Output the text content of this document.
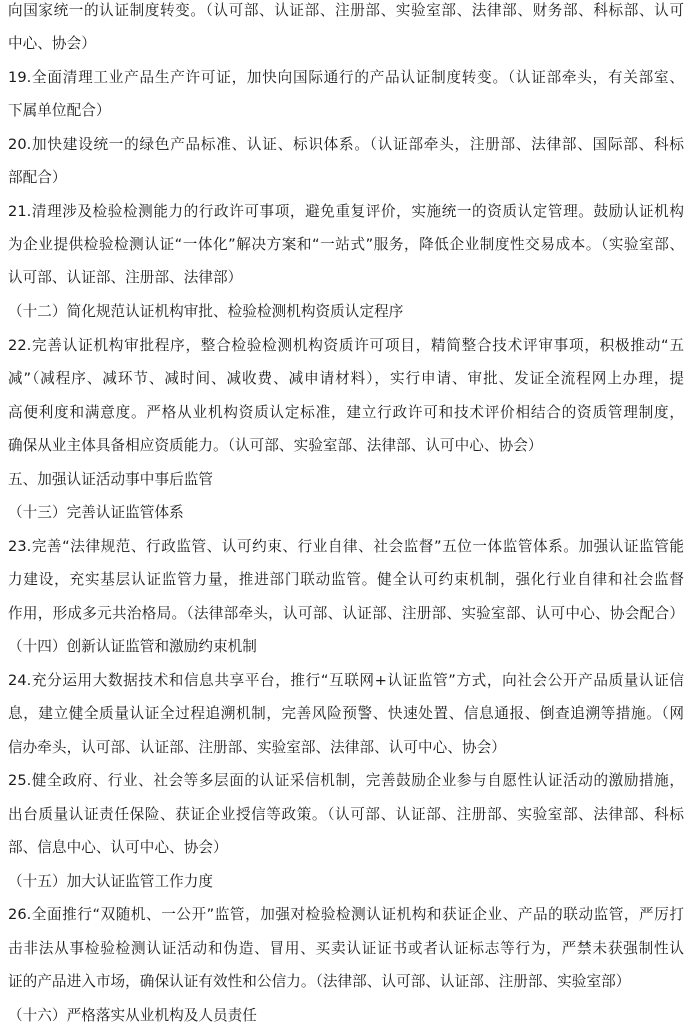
向国家统一的认证制度转变。（认可部、认证部、注册部、实验室部、法律部、财务部、科标部、认可
中心、协会）
19.全面清理工业产品生产许可证，加快向国际通行的产品认证制度转变。（认证部牵头，有关部室、
下属单位配合）
20.加快建设统一的绿色产品标准、认证、标识体系。（认证部牵头，注册部、法律部、国际部、科标
部配合）
21.清理涉及检验检测能力的行政许可事项，避免重复评价，实施统一的资质认定管理。鼓励认证机构
为企业提供检验检测认证“一体化”解决方案和“一站式”服务，降低企业制度性交易成本。（实验室部、
认可部、认证部、注册部、法律部）
（十二）简化规范认证机构审批、检验检测机构资质认定程序
22.完善认证机构审批程序，整合检验检测机构资质许可项目，精简整合技术评审事项，积极推动“五
减”（减程序、减环节、减时间、减收费、减申请材料），实行申请、审批、发证全流程网上办理，提
高便利度和满意度。严格从业机构资质认定标准，建立行政许可和技术评价相结合的资质管理制度，
确保从业主体具备相应资质能力。（认可部、实验室部、法律部、认可中心、协会）
五、加强认证活动事中事后监管
（十三）完善认证监管体系
23.完善“法律规范、行政监管、认可约束、行业自律、社会监督”五位一体监管体系。加强认证监管能
力建设，充实基层认证监管力量，推进部门联动监管。健全认可约束机制，强化行业自律和社会监督
作用，形成多元共治格局。（法律部牵头，认可部、认证部、注册部、实验室部、认可中心、协会配合）
（十四）创新认证监管和激励约束机制
24.充分运用大数据技术和信息共享平台，推行“互联网+认证监管”方式，向社会公开产品质量认证信
息，建立健全质量认证全过程追溯机制，完善风险预警、快速处置、信息通报、倒查追溯等措施。（网
信办牵头，认可部、认证部、注册部、实验室部、法律部、认可中心、协会）
25.健全政府、行业、社会等多层面的认证采信机制，完善鼓励企业参与自愿性认证活动的激励措施，
出台质量认证责任保险、获证企业授信等政策。（认可部、认证部、注册部、实验室部、法律部、科标
部、信息中心、认可中心、协会）
（十五）加大认证监管工作力度
26.全面推行“双随机、一公开”监管，加强对检验检测认证机构和获证企业、产品的联动监管，严厉打
击非法从事检验检测认证活动和伪造、冒用、买卖认证证书或者认证标志等行为，严禁未获强制性认
证的产品进入市场，确保认证有效性和公信力。（法律部、认可部、认证部、注册部、实验室部）
（十六）严格落实从业机构及人员责任
